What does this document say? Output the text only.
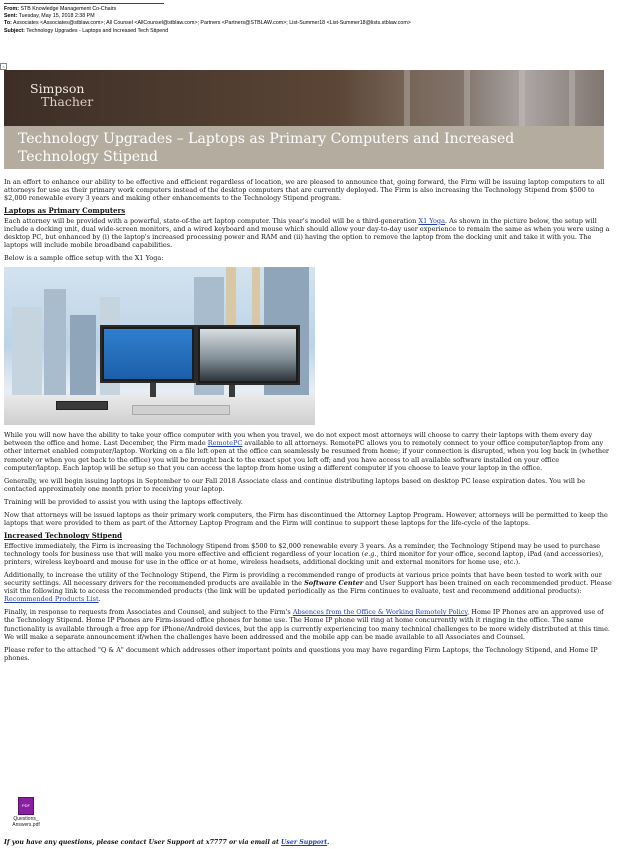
From: STB Knowledge Management Co-Chairs
Sent: Tuesday, May 15, 2018 2:38 PM
To: Associates <Associates@stblaw.com>; All Counsel <AllCounsel@stblaw.com>; Partners <Partners@STBLAW.com>; List-Summer18 <List-Summer18@lists.stblaw.com>
Subject: Technology Upgrades - Laptops and Increased Tech Stipend
×
Simpson
Thacher
Technology Upgrades – Laptops as Primary Computers and Increased Technology Stipend

In an effort to enhance our ability to be effective and efficient regardless of location, we are pleased to announce that, going forward, the Firm will be issuing laptop computers to all attorneys for use as their primary work computers instead of the desktop computers that are currently deployed. The Firm is also increasing the Technology Stipend from $500 to $2,000 renewable every 3 years and making other enhancements to the Technology Stipend program.

Laptops as Primary Computers

Each attorney will be provided with a powerful, state-of-the art laptop computer. This year's model will be a third-generation X1 Yoga. As shown in the picture below, the setup will include a docking unit, dual wide-screen monitors, and a wired keyboard and mouse which should allow your day-to-day user experience to remain the same as when you were using a desktop PC, but enhanced by (i) the laptop's increased processing power and RAM and (ii) having the option to remove the laptop from the docking unit and take it with you. The laptops will include mobile broadband capabilities.

Below is a sample office setup with the X1 Yoga:

While you will now have the ability to take your office computer with you when you travel, we do not expect most attorneys will choose to carry their laptops with them every day between the office and home. Last December, the Firm made RemotePC available to all attorneys. RemotePC allows you to remotely connect to your office computer/laptop from any other internet enabled computer/laptop. Working on a file left open at the office can seamlessly be resumed from home; if your connection is disrupted, when you log back in (whether remotely or when you get back to the office) you will be brought back to the exact spot you left off; and you have access to all available software installed on your office computer/laptop. Each laptop will be setup so that you can access the laptop from home using a different computer if you choose to leave your laptop in the office.

Generally, we will begin issuing laptops in September to our Fall 2018 Associate class and continue distributing laptops based on desktop PC lease expiration dates. You will be contacted approximately one month prior to receiving your laptop.

Training will be provided to assist you with using the laptops effectively.

Now that attorneys will be issued laptops as their primary work computers, the Firm has discontinued the Attorney Laptop Program. However, attorneys will be permitted to keep the laptops that were provided to them as part of the Attorney Laptop Program and the Firm will continue to support these laptops for the life-cycle of the laptops.

Increased Technology Stipend

Effective immediately, the Firm is increasing the Technology Stipend from $500 to $2,000 renewable every 3 years. As a reminder, the Technology Stipend may be used to purchase technology tools for business use that will make you more effective and efficient regardless of your location (e.g., third monitor for your office, second laptop, iPad (and accessories), printers, wireless keyboard and mouse for use in the office or at home, wireless headsets, additional docking unit and external monitors for home use, etc.).

Additionally, to increase the utility of the Technology Stipend, the Firm is providing a recommended range of products at various price points that have been tested to work with our security settings. All necessary drivers for the recommended products are available in the Software Center and User Support has been trained on each recommended product. Please visit the following link to access the recommended products (the link will be updated periodically as the Firm continues to evaluate, test and recommend additional products): Recommended Products List.

Finally, in response to requests from Associates and Counsel, and subject to the Firm's Absences from the Office & Working Remotely Policy, Home IP Phones are an approved use of the Technology Stipend. Home IP Phones are Firm-issued office phones for home use. The Home IP phone will ring at home concurrently with it ringing in the office. The same functionality is available through a free app for iPhone/Android devices, but the app is currently experiencing too many technical challenges to be more widely distributed at this time. We will make a separate announcement if/when the challenges have been addressed and the mobile app can be made available to all Associates and Counsel.

Please refer to the attached "Q & A" document which addresses other important points and questions you may have regarding Firm Laptops, the Technology Stipend, and Home IP phones.

PDF
Questions_
Answers.pdf
If you have any questions, please contact User Support at x7777 or via email at User Support.
